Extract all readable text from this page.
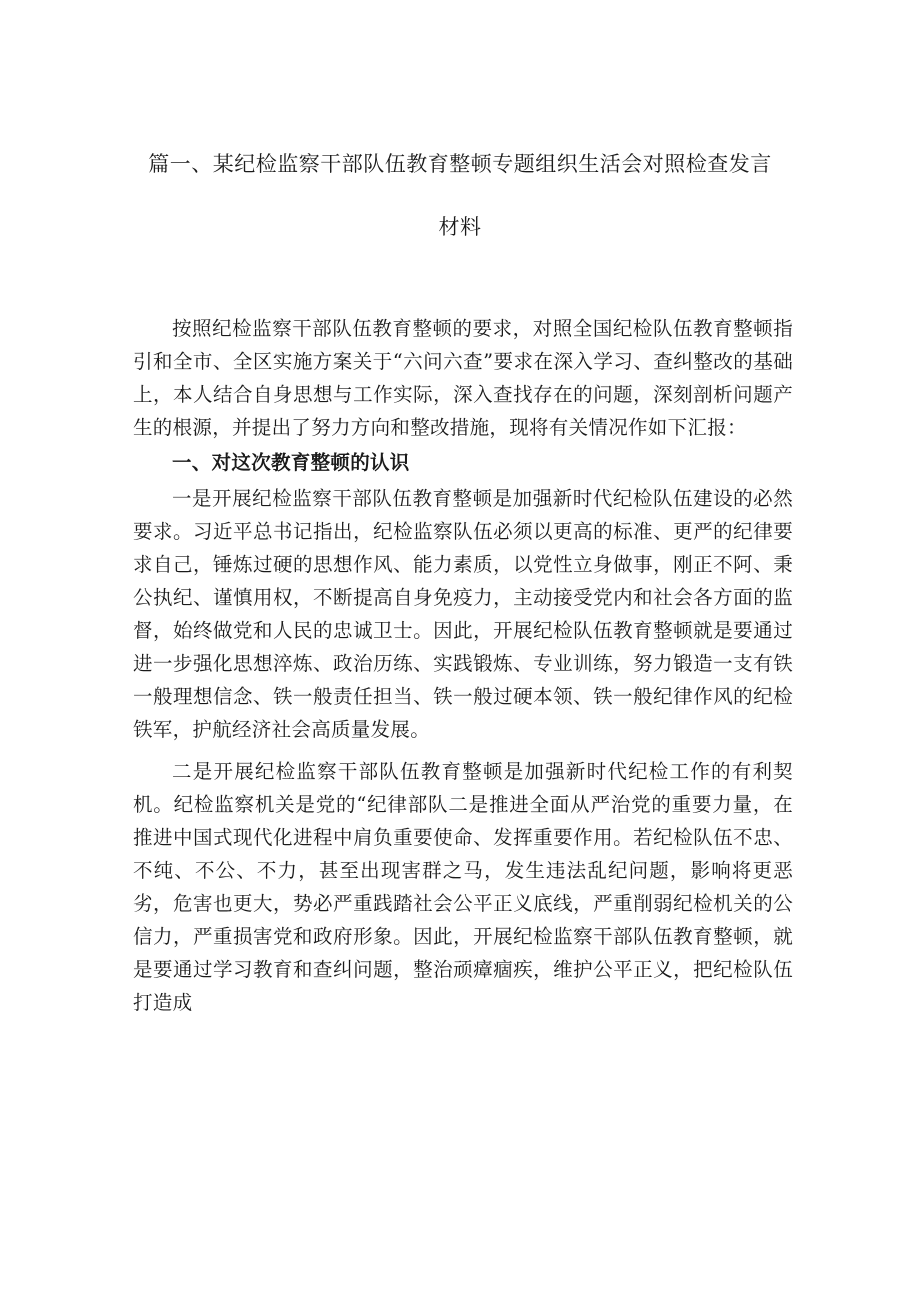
篇一、某纪检监察干部队伍教育整顿专题组织生活会对照检查发言
材料

按照纪检监察干部队伍教育整顿的要求，对照全国纪检队伍教育整顿指引和全市、全区实施方案关于“六问六查”要求在深入学习、查纠整改的基础上，本人结合自身思想与工作实际，深入查找存在的问题，深刻剖析问题产生的根源，并提出了努力方向和整改措施，现将有关情况作如下汇报：

一、对这次教育整顿的认识

一是开展纪检监察干部队伍教育整顿是加强新时代纪检队伍建设的必然要求。习近平总书记指出，纪检监察队伍必须以更高的标准、更严的纪律要求自己，锤炼过硬的思想作风、能力素质，以党性立身做事，刚正不阿、秉公执纪、谨慎用权，不断提高自身免疫力，主动接受党内和社会各方面的监督，始终做党和人民的忠诚卫士。因此，开展纪检队伍教育整顿就是要通过进一步强化思想淬炼、政治历练、实践锻炼、专业训练，努力锻造一支有铁一般理想信念、铁一般责任担当、铁一般过硬本领、铁一般纪律作风的纪检铁军，护航经济社会高质量发展。

二是开展纪检监察干部队伍教育整顿是加强新时代纪检工作的有利契机。纪检监察机关是党的“纪律部队二是推进全面从严治党的重要力量，在推进中国式现代化进程中肩负重要使命、发挥重要作用。若纪检队伍不忠、不纯、不公、不力，甚至出现害群之马，发生违法乱纪问题，影响将更恶劣，危害也更大，势必严重践踏社会公平正义底线，严重削弱纪检机关的公信力，严重损害党和政府形象。因此，开展纪检监察干部队伍教育整顿，就是要通过学习教育和查纠问题，整治顽瘴痼疾，维护公平正义，把纪检队伍打造成
